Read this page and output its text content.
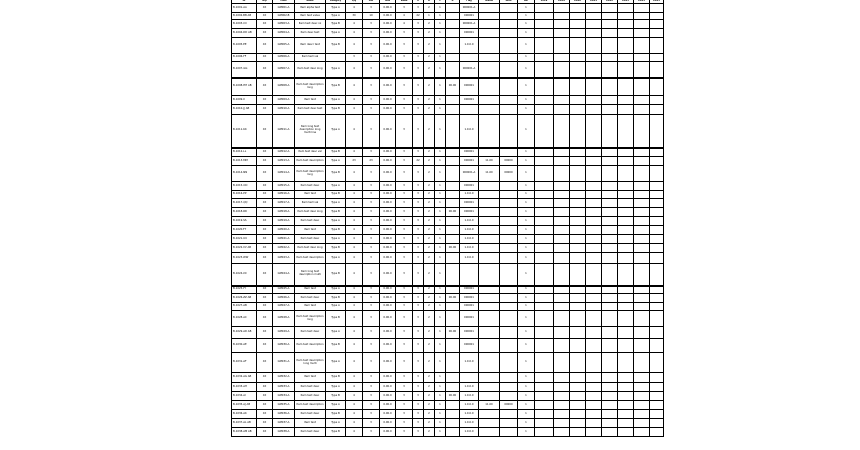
ID	Grp	Code	Name	Category	Qty	Min	Max	Value	A	B	C	D	Flag	Status	Note	Ref	Extra	Col19	Col20	Col21	Col22	Col23	Col24	Col25
B-1001-AA	XX	GM001-A	Item alpha text	Type A	4	3	0.00.0	3	3	2	1		000001-A			1								
B-1002-BB AB	XX	GM002-B	Item text value	Type A	30	10	0.00.0	4	22	1	1		000001			1								
B-1003-CC	XX	GM003-A	Item text desc xx	Type B	4	3	0.00.0	4	3	2	1		000001-A			1								
B-1004-DD AB	XX	GM004-A	Item desc text	Type A	4	3	0.00.0	3	3	2	1		000001			1								
B-1005-EE	XX	GM005-A	Item descr text	Type B	4	3	0.00.0	3	3	2	1		1.0.0.0			1								
B-1006-FF	XX	GM006-A	Item text val		3	3	0.00.0	3	3	2	1					1								
B-1007-GG	XX	GM007-A	Item text desc long	Type A	4	3	0.00.0	3	3	2	1		000001-A			1								
B-1008-HH AB	XX	GM008-A	Item text description long	Type B	4	3	0.00.0	3	3	2	1	00.00	000001			1								
B-1009-II	XX	GM009-A	Item text	Type A	4	3	0.00.0	3	3	2	1		000001			1								
B-1010-JJ AB	XX	GM010-A	Item text desc text	Type B	4	3	0.00.0	3	3	2	1					1								
B-1011-KK	XX	GM011-A	Item long text description long multi line	Type A	4	3	0.00.0	3	3	2	1		1.0.0.0			1								
B-1012-LL	XX	GM012-A	Item text desc val	Type B	4	3	0.00.0	3	3	2	1		000001			1								
B-1013-MM	XX	GM013-A	Item text description	Type A	23	23	0.00.0	3	22	2	1		000001	11.00	00000	1								
B-1014-NN	XX	GM014-A	Item text description long	Type B	4	3	0.00.0	3	3	2	1		000001-A	11.00	00000	1								
B-1015-OO	XX	GM015-A	Item text desc	Type A	4	3	0.00.0	3	3	2	1		000001			1								
B-1016-PP	XX	GM016-A	Item text	Type B	4	3	0.00.0	3	3	2	1		1.0.0.0			1								
B-1017-QQ	XX	GM017-A	Item text val	Type A	4	3	0.00.0	3	3	2	1		000001			1								
B-1018-RR	XX	GM018-A	Item text desc long	Type B	4	3	0.00.0	3	3	2	1	00.00	000001			1								
B-1019-SS	XX	GM019-A	Item text desc	Type A	4	3	0.00.0	3	3	2	1		1.0.0.0			1								
B-1020-TT	XX	GM020-A	Item text	Type B	4	3	0.00.0	3	3	2	1		1.0.0.0			1								
B-1021-UU	XX	GM021-A	Item text desc	Type A	4	3	0.00.0	3	3	2	1		1.0.0.0			1								
B-1022-VV AB	XX	GM022-A	Item text desc long	Type B	4	3	0.00.0	3	3	2	1	00.00	1.0.0.0			1								
B-1023-WW	XX	GM023-A	Item text description	Type A	4	3	0.00.0	3	3	2	1		1.0.0.0			1								
B-1024-XX	XX	GM024-A	Item long text description multi	Type B	4	3	0.00.0	3	3	2	1					1								
B-1025-YY	XX	GM025-A	Item text	Type A	4	3	0.00.0	3	3	2	1		000001			1								
B-1026-ZZ AB	XX	GM026-A	Item text desc	Type B	4	3	0.00.0	3	3	2	1	00.00	000001			1								
B-1027-AB	XX	GM027-A	Item text	Type A	4	3	0.00.0	3	3	2	1		000001			1								
B-1028-AC	XX	GM028-A	Item text description long	Type B	4	3	0.00.0	3	3	2	1		000001			1								
B-1029-AD AB	XX	GM029-A	Item text desc	Type A	4	3	0.00.0	3	3	2	1	00.00	000001			1								
B-1030-AE	XX	GM030-A	Item text description	Type B	4	3	0.00.0	3	3	2	1		000001			1								
B-1031-AF	XX	GM031-A	Item text description long multi	Type A	4	3	0.00.0	3	3	2	1		1.0.0.0			1								
B-1032-AG AB	XX	GM032-A	Item text	Type B	4	3	0.00.0	3	3	2	1					1								
B-1033-AH	XX	GM033-A	Item text desc	Type A	4	3	0.00.0	3	3	2	1		1.0.0.0			1								
B-1034-AI	XX	GM034-A	Item text desc	Type B	4	3	0.00.0	3	3	2	1	00.00	1.0.0.0			1								
B-1035-AJ AB	XX	GM035-A	Item text description	Type A	4	3	0.00.0	3	3	2	1		1.0.0.0	11.00	00000	1								
B-1036-AK	XX	GM036-A	Item text desc	Type B	4	3	0.00.0	3	3	2	1		1.0.0.0			1								
B-1037-AL AB	XX	GM037-A	Item text	Type A	4	3	0.00.0	3	3	2	1		1.0.0.0			1								
B-1038-AM AB	XX	GM038-A	Item text desc	Type B	4	3	0.00.0	3	3	2	1		1.0.0.0			1								
